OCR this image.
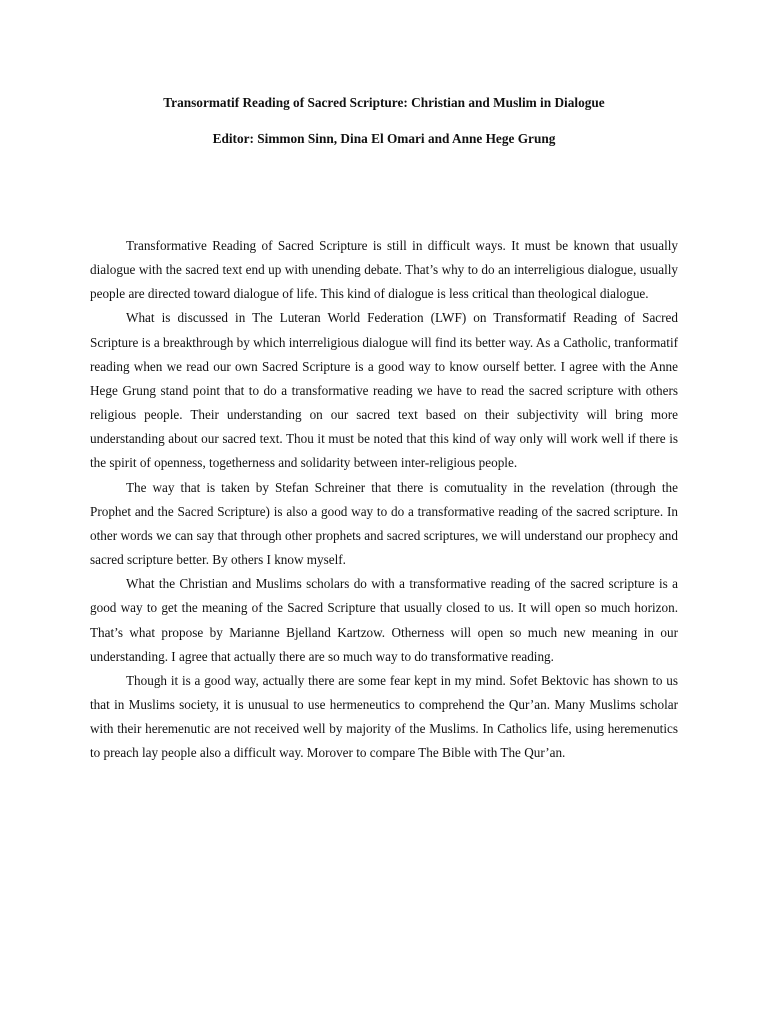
Transormatif Reading of Sacred Scripture: Christian and Muslim in Dialogue
Editor: Simmon Sinn, Dina El Omari and Anne Hege Grung

Transformative Reading of Sacred Scripture is still in difficult ways. It must be known that usually dialogue with the sacred text end up with unending debate. That’s why to do an interreligious dialogue, usually people are directed toward dialogue of life. This kind of dialogue is less critical than theological dialogue.

What is discussed in The Luteran World Federation (LWF) on Transformatif Reading of Sacred Scripture is a breakthrough by which interreligious dialogue will find its better way. As a Catholic, tranformatif reading when we read our own Sacred Scripture is a good way to know ourself better. I agree with the Anne Hege Grung stand point that to do a transformative reading we have to read the sacred scripture with others religious people. Their understanding on our sacred text based on their subjectivity will bring more understanding about our sacred text. Thou it must be noted that this kind of way only will work well if there is the spirit of openness, togetherness and solidarity between inter-religious people.

The way that is taken by Stefan Schreiner that there is comutuality in the revelation (through the Prophet and the Sacred Scripture) is also a good way to do a transformative reading of the sacred scripture. In other words we can say that through other prophets and sacred scriptures, we will understand our prophecy and sacred scripture better. By others I know myself.

What the Christian and Muslims scholars do with a transformative reading of the sacred scripture is a good way to get the meaning of the Sacred Scripture that usually closed to us. It will open so much horizon. That’s what propose by Marianne Bjelland Kartzow. Otherness will open so much new meaning in our understanding. I agree that actually there are so much way to do transformative reading.

Though it is a good way, actually there are some fear kept in my mind. Sofet Bektovic has shown to us that in Muslims society, it is unusual to use hermeneutics to comprehend the Qur’an. Many Muslims scholar with their heremenutic are not received well by majority of the Muslims. In Catholics life, using heremenutics to preach lay people also a difficult way. Morover to compare The Bible with The Qur’an.
